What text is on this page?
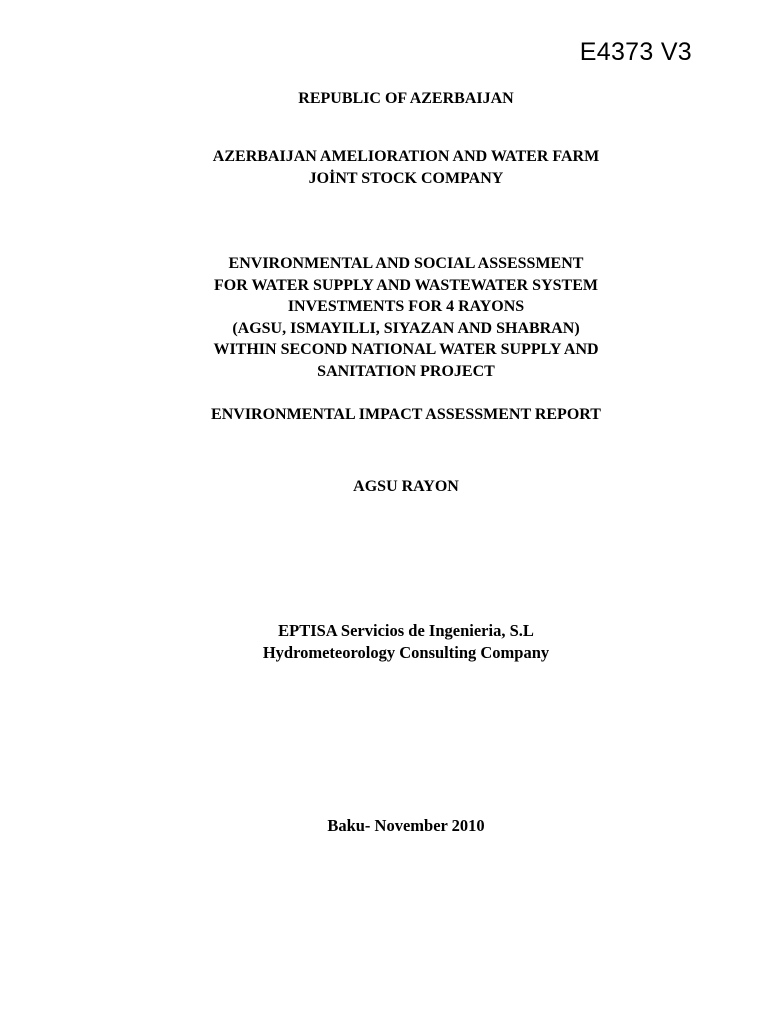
E4373 V3
REPUBLIC OF AZERBAIJAN
AZERBAIJAN AMELIORATION AND WATER FARM
JOİNT STOCK COMPANY
ENVIRONMENTAL AND SOCIAL ASSESSMENT
FOR WATER SUPPLY AND WASTEWATER SYSTEM
INVESTMENTS FOR 4 RAYONS
(AGSU, ISMAYILLI, SIYAZAN AND SHABRAN)
WITHIN SECOND NATIONAL WATER SUPPLY AND
SANITATION PROJECT
ENVIRONMENTAL IMPACT ASSESSMENT REPORT
AGSU RAYON
EPTISA Servicios de Ingenieria, S.L
Hydrometeorology Consulting Company
Baku- November 2010
